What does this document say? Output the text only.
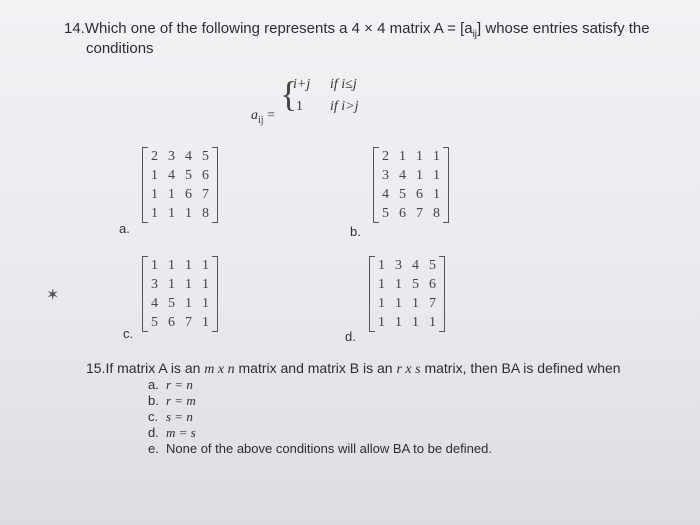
14.Which one of the following represents a 4 × 4 matrix $A = [a_{ij}]$ whose entries satisfy the
conditions
$a_{ij}$ =
{
i+j if i≤j
1 if i>j
a.
2	3	4	5
1	4	5	6
1	1	6	7
1	1	1	8
b.
2	1	1	1
3	4	1	1
4	5	6	1
5	6	7	8
✶
c.
1	1	1	1
3	1	1	1
4	5	1	1
5	6	7	1
d.
1	3	4	5
1	1	5	6
1	1	1	7
1	1	1	1
15.If matrix A is an m x n matrix and matrix B is an r x s matrix, then BA is defined when
a. r = n
b. r = m
c. s = n
d. m = s
e. None of the above conditions will allow BA to be defined.
